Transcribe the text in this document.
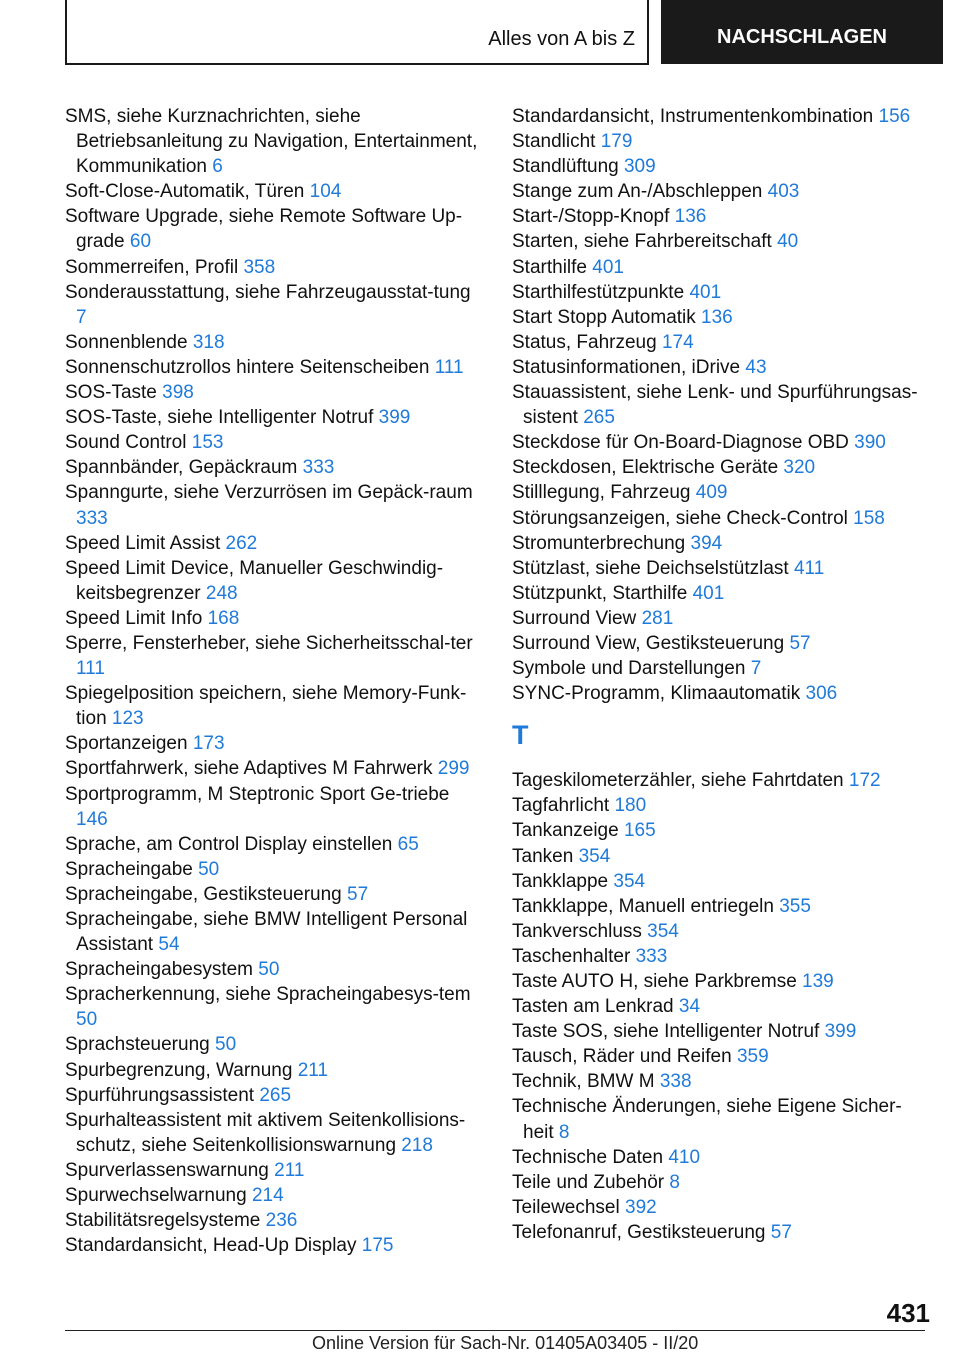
Alles von A bis Z	NACHSCHLAGEN
SMS, siehe Kurznachrichten, siehe Betriebsanleitung zu Navigation, Entertainment, Kommunikation 6
Soft-Close-Automatik, Türen 104
Software Upgrade, siehe Remote Software Up-grade 60
Sommerreifen, Profil 358
Sonderausstattung, siehe Fahrzeugausstat-tung 7
Sonnenblende 318
Sonnenschutzrollos hintere Seitenscheiben 111
SOS-Taste 398
SOS-Taste, siehe Intelligenter Notruf 399
Sound Control 153
Spannbänder, Gepäckraum 333
Spanngurte, siehe Verzurrösen im Gepäck-raum 333
Speed Limit Assist 262
Speed Limit Device, Manueller Geschwindig-keitsbegrenzer 248
Speed Limit Info 168
Sperre, Fensterheber, siehe Sicherheitsschal-ter 111
Spiegelposition speichern, siehe Memory-Funk-tion 123
Sportanzeigen 173
Sportfahrwerk, siehe Adaptives M Fahrwerk 299
Sportprogramm, M Steptronic Sport Ge-triebe 146
Sprache, am Control Display einstellen 65
Spracheingabe 50
Spracheingabe, Gestiksteuerung 57
Spracheingabe, siehe BMW Intelligent Personal Assistant 54
Spracheingabesystem 50
Spracherkennung, siehe Spracheingabesys-tem 50
Sprachsteuerung 50
Spurbegrenzung, Warnung 211
Spurführungsassistent 265
Spurhalteassistent mit aktivem Seitenkollisions-schutz, siehe Seitenkollisionswarnung 218
Spurverlassenswarnung 211
Spurwechselwarnung 214
Stabilitätsregelsysteme 236
Standardansicht, Head-Up Display 175
Standardansicht, Instrumentenkombination 156
Standlicht 179
Standlüftung 309
Stange zum An-/Abschleppen 403
Start-/Stopp-Knopf 136
Starten, siehe Fahrbereitschaft 40
Starthilfe 401
Starthilfestützpunkte 401
Start Stopp Automatik 136
Status, Fahrzeug 174
Statusinformationen, iDrive 43
Stauassistent, siehe Lenk- und Spurführungsas-sistent 265
Steckdose für On-Board-Diagnose OBD 390
Steckdosen, Elektrische Geräte 320
Stilllegung, Fahrzeug 409
Störungsanzeigen, siehe Check-Control 158
Stromunterbrechung 394
Stützlast, siehe Deichselstützlast 411
Stützpunkt, Starthilfe 401
Surround View 281
Surround View, Gestiksteuerung 57
Symbole und Darstellungen 7
SYNC-Programm, Klimaautomatik 306
T
Tageskilometerzähler, siehe Fahrtdaten 172
Tagfahrlicht 180
Tankanzeige 165
Tanken 354
Tankklappe 354
Tankklappe, Manuell entriegeln 355
Tankverschluss 354
Taschenhalter 333
Taste AUTO H, siehe Parkbremse 139
Tasten am Lenkrad 34
Taste SOS, siehe Intelligenter Notruf 399
Tausch, Räder und Reifen 359
Technik, BMW M 338
Technische Änderungen, siehe Eigene Sicher-heit 8
Technische Daten 410
Teile und Zubehör 8
Teilewechsel 392
Telefonanruf, Gestiksteuerung 57
431
Online Version für Sach-Nr. 01405A03405 - II/20
